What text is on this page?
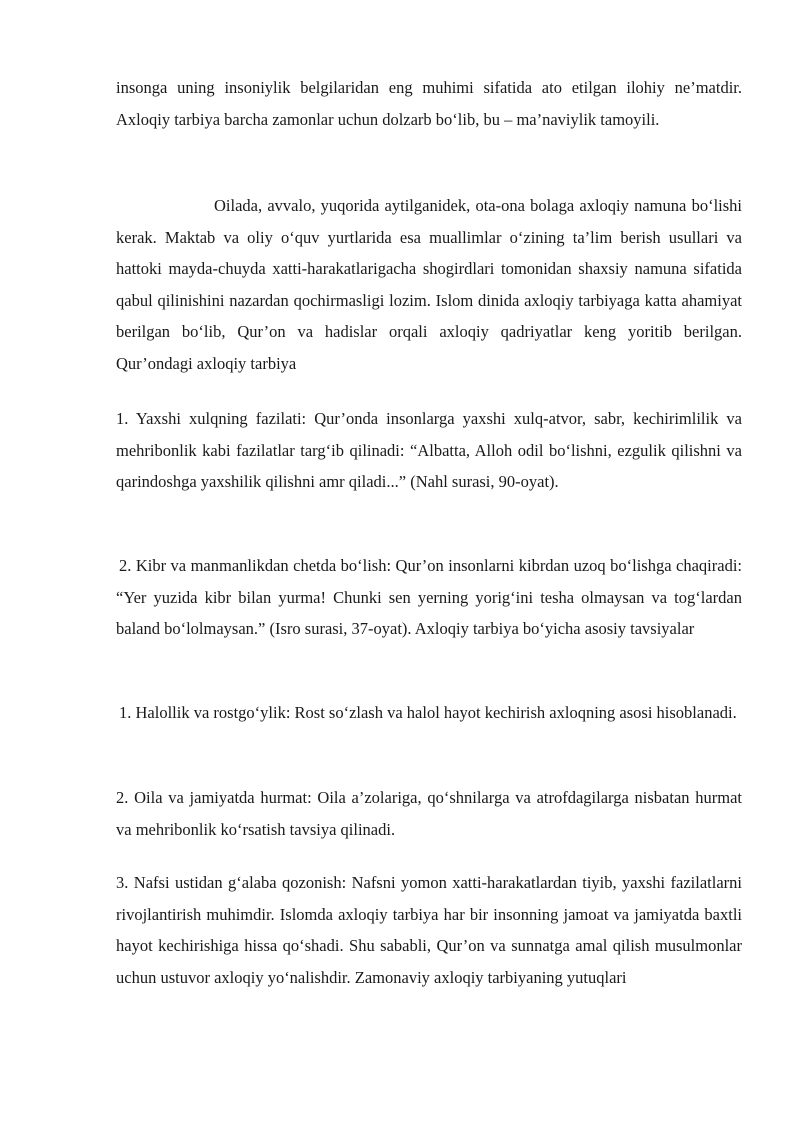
insonga uning insoniylik belgilaridan eng muhimi sifatida ato etilgan ilohiy ne’matdir. Axloqiy tarbiya barcha zamonlar uchun dolzarb bo‘lib, bu – ma’naviylik tamoyili.

Oilada, avvalo, yuqorida aytilganidek, ota-ona bolaga axloqiy namuna bo‘lishi kerak. Maktab va oliy o‘quv yurtlarida esa muallimlar o‘zining ta’lim berish usullari va hattoki mayda-chuyda xatti-harakatlarigacha shogirdlari tomonidan shaxsiy namuna sifatida qabul qilinishini nazardan qochirmasligi lozim. Islom dinida axloqiy tarbiyaga katta ahamiyat berilgan bo‘lib, Qur’on va hadislar orqali axloqiy qadriyatlar keng yoritib berilgan. Qur’ondagi axloqiy tarbiya

1. Yaxshi xulqning fazilati: Qur’onda insonlarga yaxshi xulq-atvor, sabr, kechirimlilik va mehribonlik kabi fazilatlar targ‘ib qilinadi: “Albatta, Alloh odil bo‘lishni, ezgulik qilishni va qarindoshga yaxshilik qilishni amr qiladi...” (Nahl surasi, 90-oyat).

2. Kibr va manmanlikdan chetda bo‘lish: Qur’on insonlarni kibrdan uzoq bo‘lishga chaqiradi: “Yer yuzida kibr bilan yurma! Chunki sen yerning yorig‘ini tesha olmaysan va tog‘lardan baland bo‘lolmaysan.” (Isro surasi, 37-oyat). Axloqiy tarbiya bo‘yicha asosiy tavsiyalar

1. Halollik va rostgo‘ylik: Rost so‘zlash va halol hayot kechirish axloqning asosi hisoblanadi.

2. Oila va jamiyatda hurmat: Oila a’zolariga, qo‘shnilarga va atrofdagilarga nisbatan hurmat va mehribonlik ko‘rsatish tavsiya qilinadi.

3. Nafsi ustidan g‘alaba qozonish: Nafsni yomon xatti-harakatlardan tiyib, yaxshi fazilatlarni rivojlantirish muhimdir. Islomda axloqiy tarbiya har bir insonning jamoat va jamiyatda baxtli hayot kechirishiga hissa qo‘shadi. Shu sababli, Qur’on va sunnatga amal qilish musulmonlar uchun ustuvor axloqiy yo‘nalishdir. Zamonaviy axloqiy tarbiyaning yutuqlari
